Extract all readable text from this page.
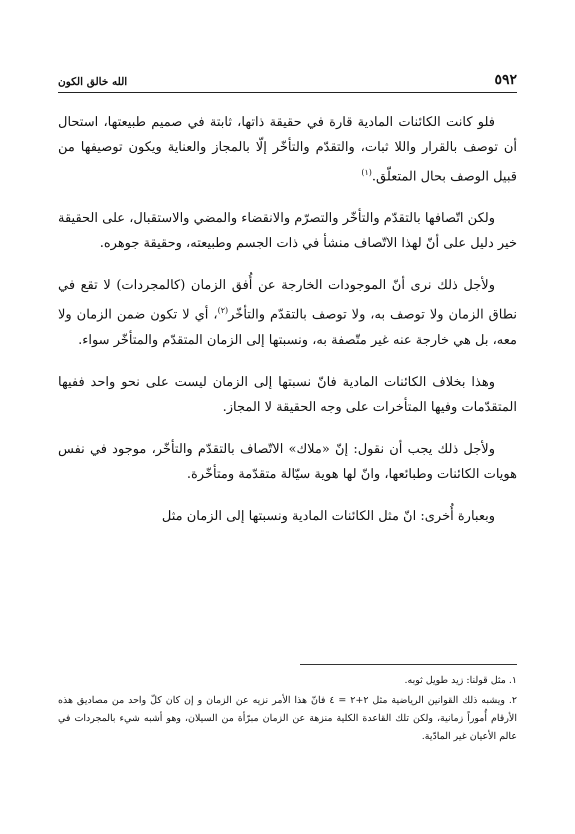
٥٩٢
الله خالق الكون

فلو كانت الكائنات المادية قارة في حقيقة ذاتها، ثابتة في صميم طبيعتها، استحال أن توصف بالقرار واللا ثبات، والتقدّم والتأخّر إلّا بالمجاز والعناية ويكون توصيفها من قبيل الوصف بحال المتعلّق.$^{(١)}$

ولكن اتّصافها بالتقدّم والتأخّر والتصرّم والانقضاء والمضي والاستقبال، على الحقيقة خير دليل على أنّ لهذا الاتّصاف منشأ في ذات الجسم وطبيعته، وحقيقة جوهره.

ولأجل ذلك نرى أنّ الموجودات الخارجة عن أُفق الزمان (كالمجردات) لا تقع في نطاق الزمان ولا توصف به، ولا توصف بالتقدّم والتأخّر$^{(٢)}$، أي لا تكون ضمن الزمان ولا معه، بل هي خارجة عنه غير متّصفة به، ونسبتها إلى الزمان المتقدّم والمتأخّر سواء.

وهذا بخلاف الكائنات المادية فانّ نسبتها إلى الزمان ليست على نحو واحد ففيها المتقدّمات وفيها المتأخرات على وجه الحقيقة لا المجاز.

ولأجل ذلك يجب أن نقول: إنّ «ملاك» الاتّصاف بالتقدّم والتأخّر، موجود في نفس هويات الكائنات وطبائعها، وانّ لها هوية سيّالة متقدّمة ومتأخّرة.

وبعبارة أُخرى: انّ مثل الكائنات المادية ونسبتها إلى الزمان مثل

١. مثل قولنا: زيد طويل ثوبه.

٢. ويشبه ذلك القوانين الرياضية مثل ٢+٢ = ٤ فانّ هذا الأمر نزيه عن الزمان و إن كان كلّ واحد من مصاديق هذه الأرقام أُموراً زمانية، ولكن تلك القاعدة الكلية منزهة عن الزمان مبرّأة من السيلان، وهو أشبه شيء بالمجردات في عالم الأعيان غير المادّية.
